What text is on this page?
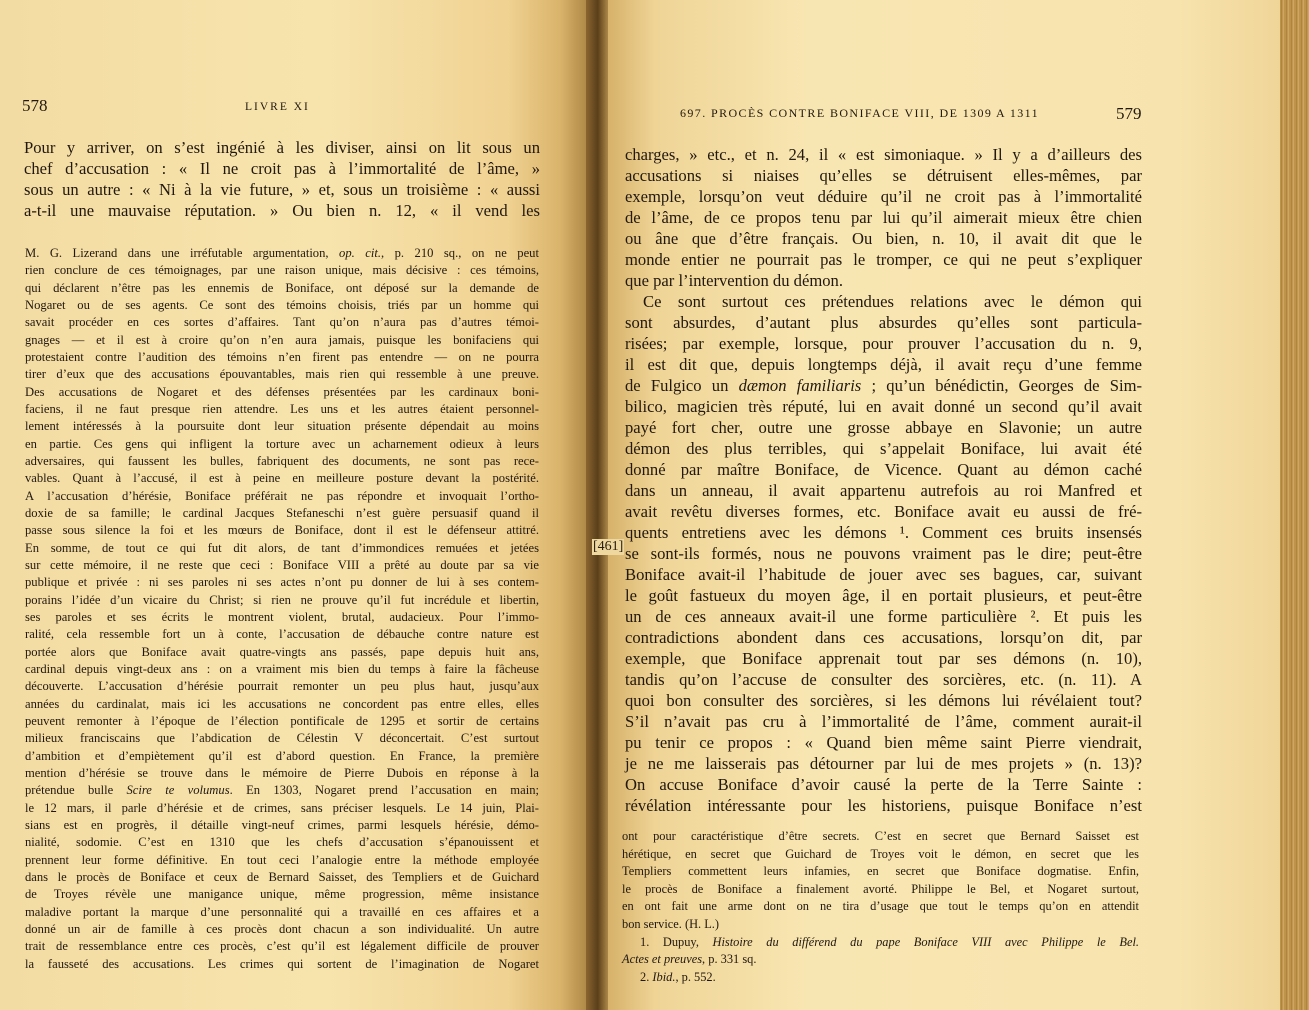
578	LIVRE XI
Pour y arriver, on s’est ingénié à les diviser, ainsi on lit sous un
chef d’accusation : « Il ne croit pas à l’immortalité de l’âme, »
sous un autre : « Ni à la vie future, » et, sous un troisième : « aussi
a-t-il une mauvaise réputation. » Ou bien n. 12, « il vend les
M. G. Lizerand dans une irréfutable argumentation, op. cit., p. 210 sq., on ne peut
rien conclure de ces témoignages, par une raison unique, mais décisive : ces témoins,
qui déclarent n’être pas les ennemis de Boniface, ont déposé sur la demande de
Nogaret ou de ses agents. Ce sont des témoins choisis, triés par un homme qui
savait procéder en ces sortes d’affaires. Tant qu’on n’aura pas d’autres témoi-
gnages — et il est à croire qu’on n’en aura jamais, puisque les bonifaciens qui
protestaient contre l’audition des témoins n’en firent pas entendre — on ne pourra
tirer d’eux que des accusations épouvantables, mais rien qui ressemble à une preuve.
Des accusations de Nogaret et des défenses présentées par les cardinaux boni-
faciens, il ne faut presque rien attendre. Les uns et les autres étaient personnel-
lement intéressés à la poursuite dont leur situation présente dépendait au moins
en partie. Ces gens qui infligent la torture avec un acharnement odieux à leurs
adversaires, qui faussent les bulles, fabriquent des documents, ne sont pas rece-
vables. Quant à l’accusé, il est à peine en meilleure posture devant la postérité.
A l’accusation d’hérésie, Boniface préférait ne pas répondre et invoquait l’ortho-
doxie de sa famille; le cardinal Jacques Stefaneschi n’est guère persuasif quand il
passe sous silence la foi et les mœurs de Boniface, dont il est le défenseur attitré.
En somme, de tout ce qui fut dit alors, de tant d’immondices remuées et jetées
sur cette mémoire, il ne reste que ceci : Boniface VIII a prêté au doute par sa vie
publique et privée : ni ses paroles ni ses actes n’ont pu donner de lui à ses contem-
porains l’idée d’un vicaire du Christ; si rien ne prouve qu’il fut incrédule et libertin,
ses paroles et ses écrits le montrent violent, brutal, audacieux. Pour l’immo-
ralité, cela ressemble fort un à conte, l’accusation de débauche contre nature est
portée alors que Boniface avait quatre-vingts ans passés, pape depuis huit ans,
cardinal depuis vingt-deux ans : on a vraiment mis bien du temps à faire la fâcheuse
découverte. L’accusation d’hérésie pourrait remonter un peu plus haut, jusqu’aux
années du cardinalat, mais ici les accusations ne concordent pas entre elles, elles
peuvent remonter à l’époque de l’élection pontificale de 1295 et sortir de certains
milieux franciscains que l’abdication de Célestin V déconcertait. C’est surtout
d’ambition et d’empiètement qu’il est d’abord question. En France, la première
mention d’hérésie se trouve dans le mémoire de Pierre Dubois en réponse à la
prétendue bulle Scire te volumus. En 1303, Nogaret prend l’accusation en main;
le 12 mars, il parle d’hérésie et de crimes, sans préciser lesquels. Le 14 juin, Plai-
sians est en progrès, il détaille vingt-neuf crimes, parmi lesquels hérésie, démo-
nialité, sodomie. C’est en 1310 que les chefs d’accusation s’épanouissent et
prennent leur forme définitive. En tout ceci l’analogie entre la méthode employée
dans le procès de Boniface et ceux de Bernard Saisset, des Templiers et de Guichard
de Troyes révèle une manigance unique, même progression, même insistance
maladive portant la marque d’une personnalité qui a travaillé en ces affaires et a
donné un air de famille à ces procès dont chacun a son individualité. Un autre
trait de ressemblance entre ces procès, c’est qu’il est légalement difficile de prouver
la fausseté des accusations. Les crimes qui sortent de l’imagination de Nogaret
697. PROCÈS CONTRE BONIFACE VIII, DE 1309 A 1311	579
charges, » etc., et n. 24, il « est simoniaque. » Il y a d’ailleurs des
accusations si niaises qu’elles se détruisent elles-mêmes, par
exemple, lorsqu’on veut déduire qu’il ne croit pas à l’immortalité
de l’âme, de ce propos tenu par lui qu’il aimerait mieux être chien
ou âne que d’être français. Ou bien, n. 10, il avait dit que le
monde entier ne pourrait pas le tromper, ce qui ne peut s’expliquer
que par l’intervention du démon.
Ce sont surtout ces prétendues relations avec le démon qui
sont absurdes, d’autant plus absurdes qu’elles sont particula-
risées; par exemple, lorsque, pour prouver l’accusation du n. 9,
il est dit que, depuis longtemps déjà, il avait reçu d’une femme
de Fulgico un dæmon familiaris ; qu’un bénédictin, Georges de Sim-
bilico, magicien très réputé, lui en avait donné un second qu’il avait
payé fort cher, outre une grosse abbaye en Slavonie; un autre
démon des plus terribles, qui s’appelait Boniface, lui avait été
donné par maître Boniface, de Vicence. Quant au démon caché
dans un anneau, il avait appartenu autrefois au roi Manfred et
avait revêtu diverses formes, etc. Boniface avait eu aussi de fré-
quents entretiens avec les démons ¹. Comment ces bruits insensés
se sont-ils formés, nous ne pouvons vraiment pas le dire; peut-être
Boniface avait-il l’habitude de jouer avec ses bagues, car, suivant
le goût fastueux du moyen âge, il en portait plusieurs, et peut-être
un de ces anneaux avait-il une forme particulière ². Et puis les
contradictions abondent dans ces accusations, lorsqu’on dit, par
exemple, que Boniface apprenait tout par ses démons (n. 10),
tandis qu’on l’accuse de consulter des sorcières, etc. (n. 11). A
quoi bon consulter des sorcières, si les démons lui révélaient tout?
S’il n’avait pas cru à l’immortalité de l’âme, comment aurait-il
pu tenir ce propos : « Quand bien même saint Pierre viendrait,
je ne me laisserais pas détourner par lui de mes projets » (n. 13)?
On accuse Boniface d’avoir causé la perte de la Terre Sainte :
révélation intéressante pour les historiens, puisque Boniface n’est
ont pour caractéristique d’être secrets. C’est en secret que Bernard Saisset est
hérétique, en secret que Guichard de Troyes voit le démon, en secret que les
Templiers commettent leurs infamies, en secret que Boniface dogmatise. Enfin,
le procès de Boniface a finalement avorté. Philippe le Bel, et Nogaret surtout,
en ont fait une arme dont on ne tira d’usage que tout le temps qu’on en attendit
bon service. (H. L.)
1. Dupuy, Histoire du différend du pape Boniface VIII avec Philippe le Bel.
Actes et preuves, p. 331 sq.
2. Ibid., p. 552.
[461]
